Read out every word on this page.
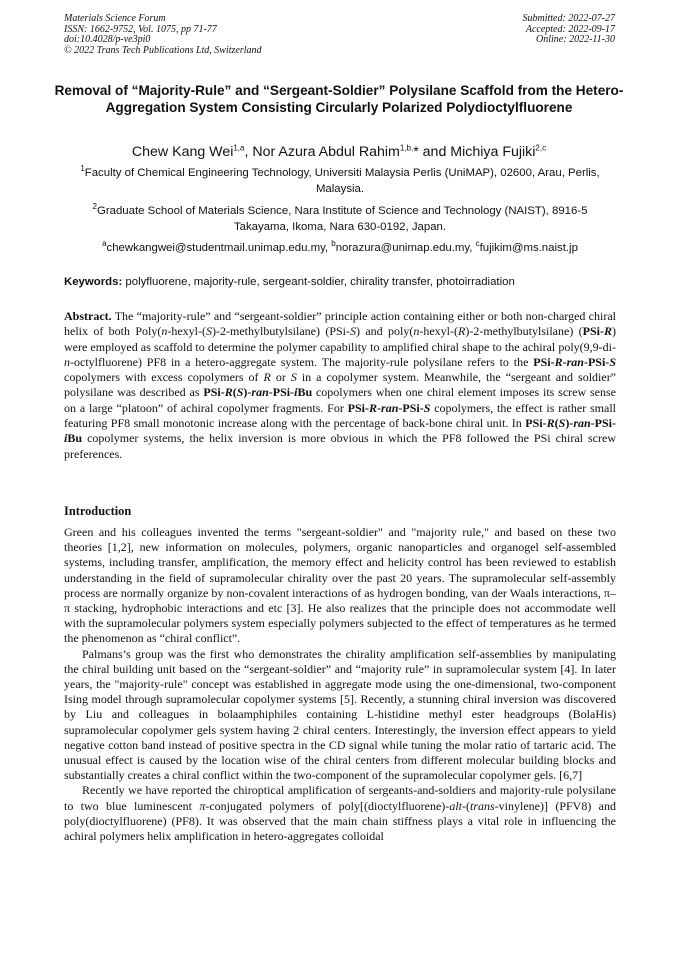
Materials Science Forum
ISSN: 1662-9752, Vol. 1075, pp 71-77
doi:10.4028/p-ve3pi0
© 2022 Trans Tech Publications Ltd, Switzerland
Submitted: 2022-07-27
Accepted: 2022-09-17
Online: 2022-11-30
Removal of “Majority-Rule” and “Sergeant-Soldier” Polysilane Scaffold from the Hetero-Aggregation System Consisting Circularly Polarized Polydioctylfluorene
Chew Kang Wei$^{1,a}$, Nor Azura Abdul Rahim$^{1,b,}$* and Michiya Fujiki$^{2,c}$
$^1$Faculty of Chemical Engineering Technology, Universiti Malaysia Perlis (UniMAP), 02600, Arau, Perlis, Malaysia.
$^2$Graduate School of Materials Science, Nara Institute of Science and Technology (NAIST), 8916-5 Takayama, Ikoma, Nara 630-0192, Japan.
$^a$chewkangwei@studentmail.unimap.edu.my, $^b$norazura@unimap.edu.my, $^c$fujikim@ms.naist.jp
Keywords: polyfluorene, majority-rule, sergeant-soldier, chirality transfer, photoirradiation
Abstract. The “majority-rule” and “sergeant-soldier” principle action containing either or both non-charged chiral helix of both Poly(n-hexyl-(S)-2-methylbutylsilane) (PSi-S) and poly(n-hexyl-(R)-2-methylbutylsilane) (PSi-R) were employed as scaffold to determine the polymer capability to amplified chiral shape to the achiral poly(9,9-di-n-octylfluorene) PF8 in a hetero-aggregate system. The majority-rule polysilane refers to the PSi-R-ran-PSi-S copolymers with excess copolymers of R or S in a copolymer system. Meanwhile, the “sergeant and soldier” polysilane was described as PSi-R(S)-ran-PSi-iBu copolymers when one chiral element imposes its screw sense on a large “platoon” of achiral copolymer fragments. For PSi-R-ran-PSi-S copolymers, the effect is rather small featuring PF8 small monotonic increase along with the percentage of back-bone chiral unit. In PSi-R(S)-ran-PSi-iBu copolymer systems, the helix inversion is more obvious in which the PF8 followed the PSi chiral screw preferences.
Introduction

Green and his colleagues invented the terms "sergeant-soldier" and "majority rule," and based on these two theories [1,2], new information on molecules, polymers, organic nanoparticles and organogel self-assembled systems, including transfer, amplification, the memory effect and helicity control has been reviewed to establish understanding in the field of supramolecular chirality over the past 20 years. The supramolecular self-assembly process are normally organize by non-covalent interactions of as hydrogen bonding, van der Waals interactions, π–π stacking, hydrophobic interactions and etc [3]. He also realizes that the principle does not accommodate well with the supramolecular polymers system especially polymers subjected to the effect of temperatures as he termed the phenomenon as “chiral conflict”.

Palmans’s group was the first who demonstrates the chirality amplification self-assemblies by manipulating the chiral building unit based on the “sergeant-soldier” and “majority rule” in supramolecular system [4]. In later years, the "majority-rule" concept was established in aggregate mode using the one-dimensional, two-component Ising model through supramolecular copolymer systems [5]. Recently, a stunning chiral inversion was discovered by Liu and colleagues in bolaamphiphiles containing L-histidine methyl ester headgroups (BolaHis) supramolecular copolymer gels system having 2 chiral centers. Interestingly, the inversion effect appears to yield negative cotton band instead of positive spectra in the CD signal while tuning the molar ratio of tartaric acid. The unusual effect is caused by the location wise of the chiral centers from different molecular building blocks and substantially creates a chiral conflict within the two-component of the supramolecular copolymer gels. [6,7]

Recently we have reported the chiroptical amplification of sergeants-and-soldiers and majority-rule polysilane to two blue luminescent π-conjugated polymers of poly[(dioctylfluorene)-alt-(trans-vinylene)] (PFV8) and poly(dioctylfluorene) (PF8). It was observed that the main chain stiffness plays a vital role in influencing the achiral polymers helix amplification in hetero-aggregates colloidal
